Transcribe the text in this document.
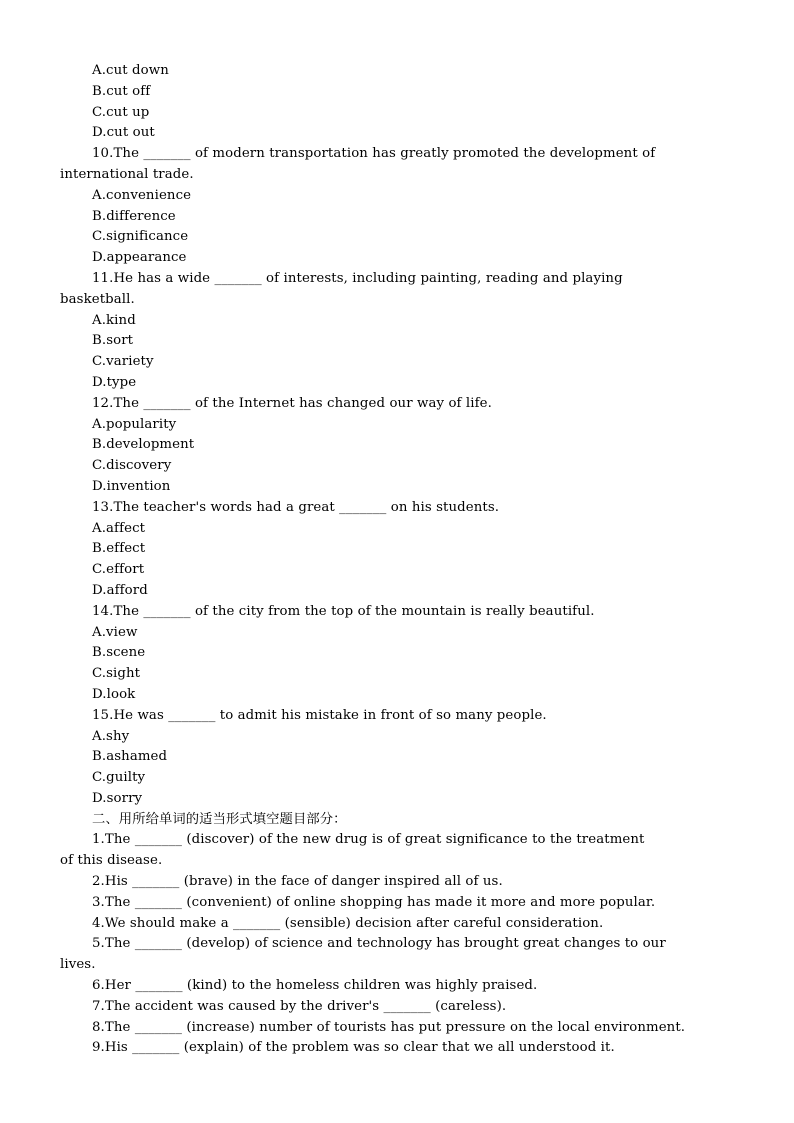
A.cut down
B.cut off
C.cut up
D.cut out
10.The _______ of modern transportation has greatly promoted the development of
international trade.
A.convenience
B.difference
C.significance
D.appearance
11.He has a wide _______ of interests, including painting, reading and playing
basketball.
A.kind
B.sort
C.variety
D.type
12.The _______ of the Internet has changed our way of life.
A.popularity
B.development
C.discovery
D.invention
13.The teacher's words had a great _______ on his students.
A.affect
B.effect
C.effort
D.afford
14.The _______ of the city from the top of the mountain is really beautiful.
A.view
B.scene
C.sight
D.look
15.He was _______ to admit his mistake in front of so many people.
A.shy
B.ashamed
C.guilty
D.sorry
二、用所给单词的适当形式填空题目部分：
1.The _______ (discover) of the new drug is of great significance to the treatment
of this disease.
2.His _______ (brave) in the face of danger inspired all of us.
3.The _______ (convenient) of online shopping has made it more and more popular.
4.We should make a _______ (sensible) decision after careful consideration.
5.The _______ (develop) of science and technology has brought great changes to our
lives.
6.Her _______ (kind) to the homeless children was highly praised.
7.The accident was caused by the driver's _______ (careless).
8.The _______ (increase) number of tourists has put pressure on the local environment.
9.His _______ (explain) of the problem was so clear that we all understood it.
